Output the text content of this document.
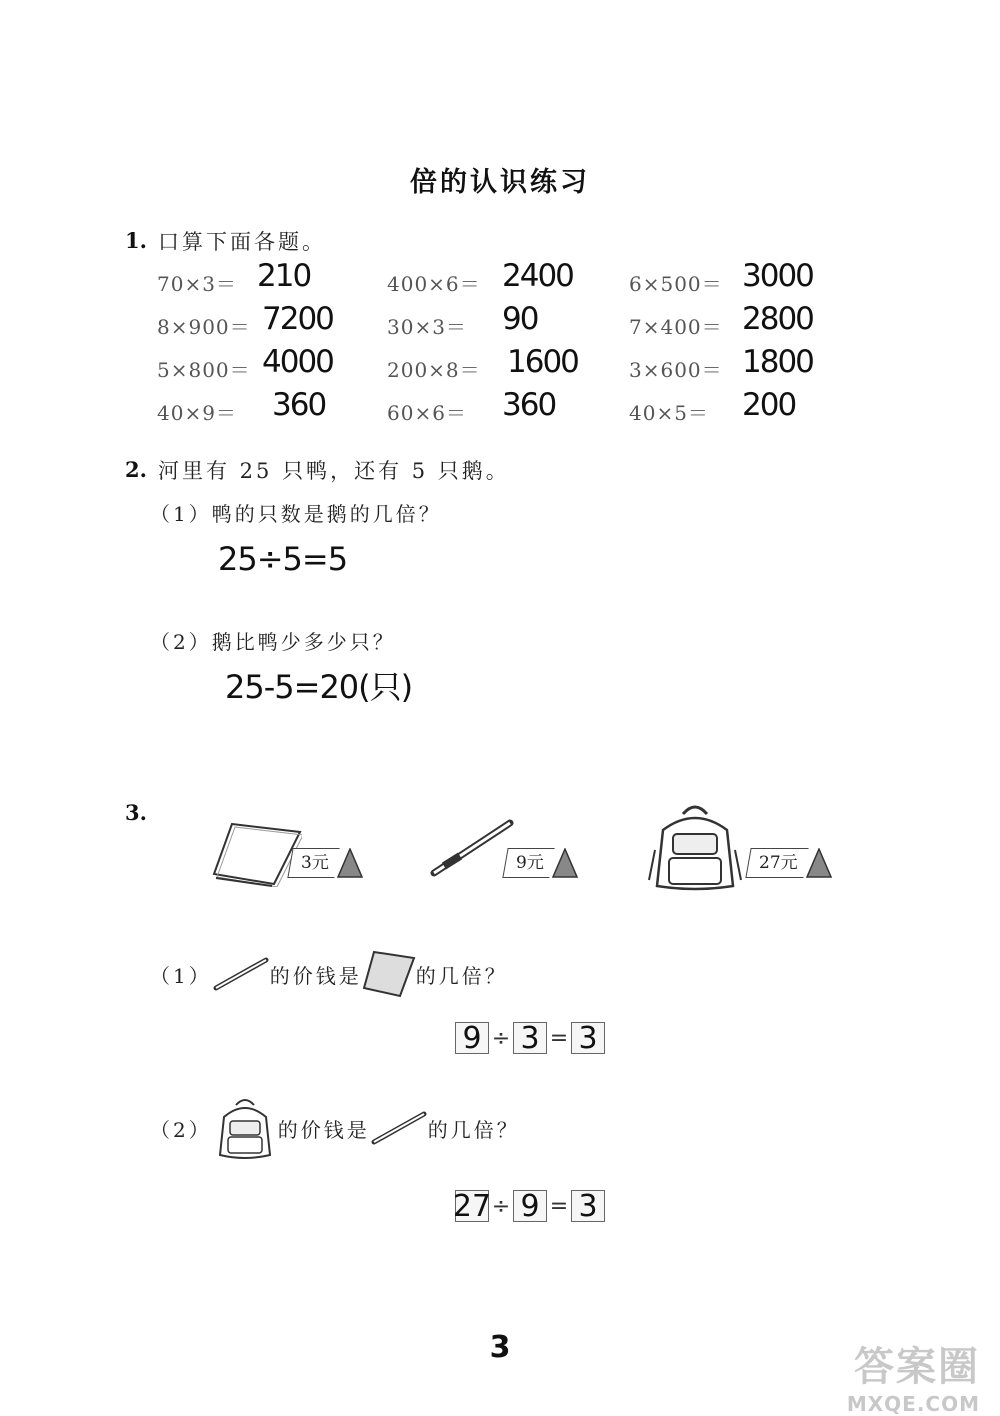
倍的认识练习
1. 口算下面各题。
70×3＝ 210	400×6＝ 2400	6×500＝ 3000
8×900＝ 7200	30×3＝ 90	7×400＝ 2800
5×800＝ 4000	200×8＝ 1600	3×600＝ 1800
40×9＝ 360	60×6＝ 360	40×5＝ 200
2. 河里有 25 只鸭，还有 5 只鹅。
（1）鸭的只数是鹅的几倍？
25÷5=5
（2）鹅比鸭少多少只？
25-5=20(只)
3.
3元	9元	27元
（1）	的价钱是	的几倍？
9 ÷ 3 = 3
（2）	的价钱是	的几倍？
27 ÷ 9 = 3
3	答案圈
MXQE.COM
